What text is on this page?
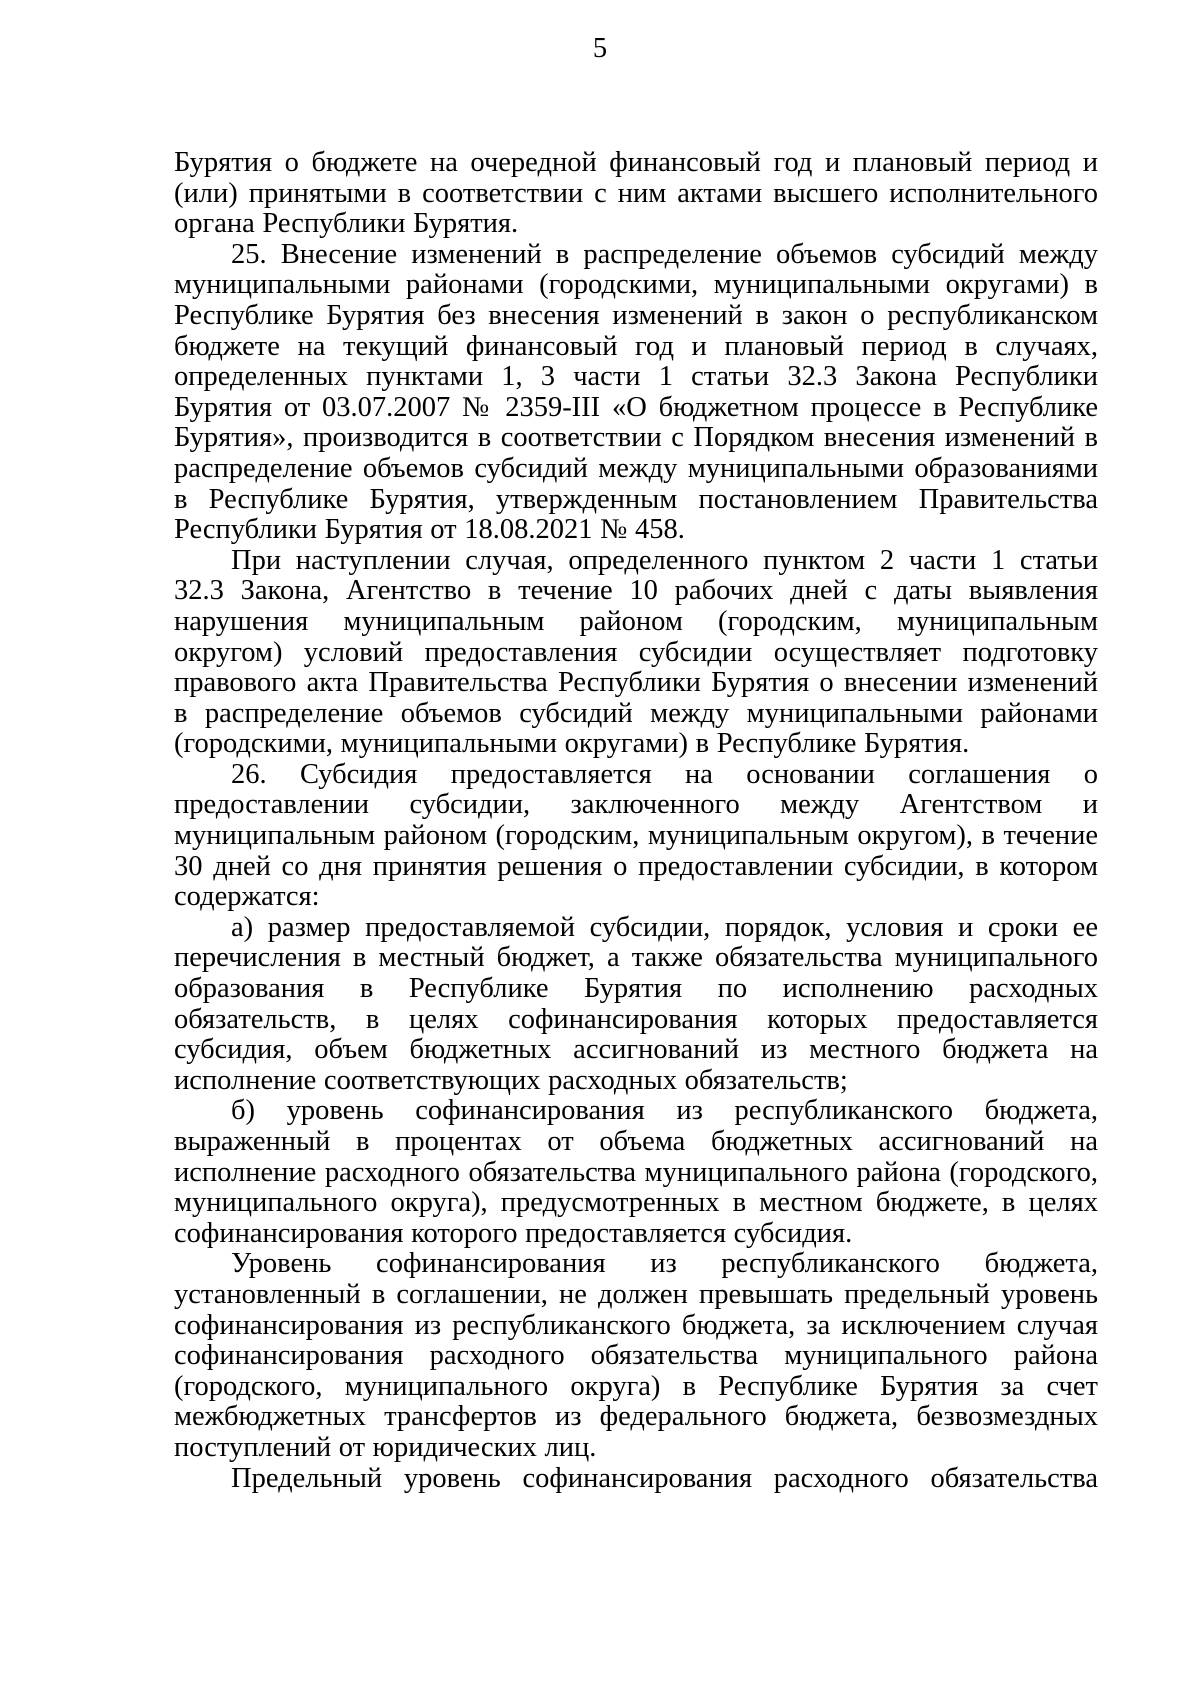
5

Бурятия о бюджете на очередной финансовый год и плановый период и (или) принятыми в соответствии с ним актами высшего исполнительного органа Республики Бурятия.

25. Внесение изменений в распределение объемов субсидий между муниципальными районами (городскими, муниципальными округами) в Республике Бурятия без внесения изменений в закон о республиканском бюджете на текущий финансовый год и плановый период в случаях, определенных пунктами 1, 3 части 1 статьи 32.3 Закона Республики Бурятия от 03.07.2007 № 2359-III «О бюджетном процессе в Республике Бурятия», производится в соответствии с Порядком внесения изменений в распределение объемов субсидий между муниципальными образованиями в Республике Бурятия, утвержденным постановлением Правительства Республики Бурятия от 18.08.2021 № 458.

При наступлении случая, определенного пунктом 2 части 1 статьи 32.3 Закона, Агентство в течение 10 рабочих дней с даты выявления нарушения муниципальным районом (городским, муниципальным округом) условий предоставления субсидии осуществляет подготовку правового акта Правительства Республики Бурятия о внесении изменений в распределение объемов субсидий между муниципальными районами (городскими, муниципальными округами) в Республике Бурятия.

26. Субсидия предоставляется на основании соглашения о предоставлении субсидии, заключенного между Агентством и муниципальным районом (городским, муниципальным округом), в течение 30 дней со дня принятия решения о предоставлении субсидии, в котором содержатся:

а) размер предоставляемой субсидии, порядок, условия и сроки ее перечисления в местный бюджет, а также обязательства муниципального образования в Республике Бурятия по исполнению расходных обязательств, в целях софинансирования которых предоставляется субсидия, объем бюджетных ассигнований из местного бюджета на исполнение соответствующих расходных обязательств;

б) уровень софинансирования из республиканского бюджета, выраженный в процентах от объема бюджетных ассигнований на исполнение расходного обязательства муниципального района (городского, муниципального округа), предусмотренных в местном бюджете, в целях софинансирования которого предоставляется субсидия.

Уровень софинансирования из республиканского бюджета, установленный в соглашении, не должен превышать предельный уровень софинансирования из республиканского бюджета, за исключением случая софинансирования расходного обязательства муниципального района (городского, муниципального округа) в Республике Бурятия за счет межбюджетных трансфертов из федерального бюджета, безвозмездных поступлений от юридических лиц.

Предельный уровень софинансирования расходного обязательства
